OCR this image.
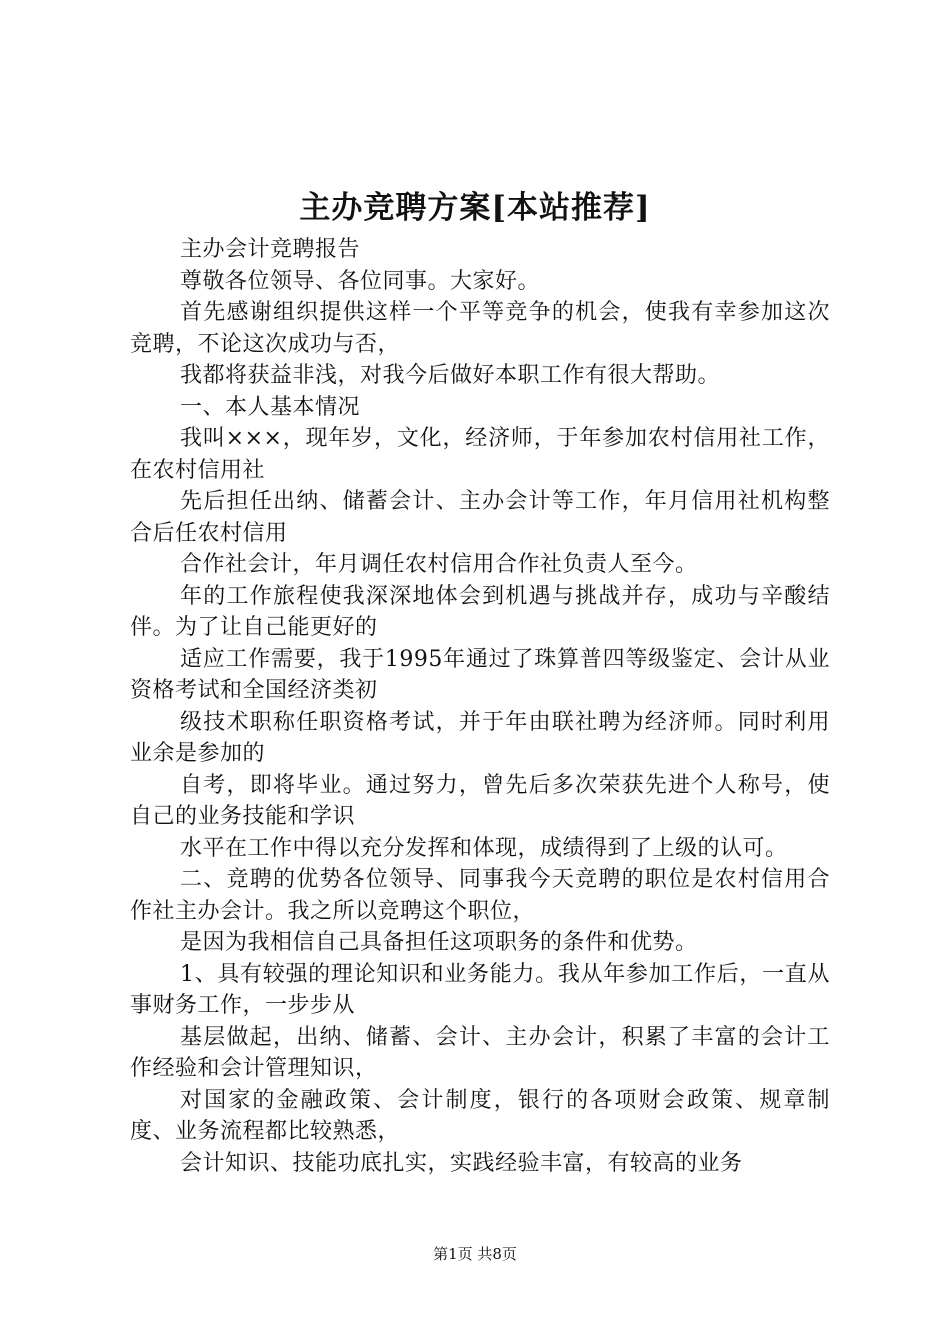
主办竞聘方案[本站推荐]

主办会计竞聘报告

尊敬各位领导、各位同事。大家好。

首先感谢组织提供这样一个平等竞争的机会，使我有幸参加这次竞聘，不论这次成功与否，

我都将获益非浅，对我今后做好本职工作有很大帮助。

一、本人基本情况

我叫×××，现年岁，文化，经济师，于年参加农村信用社工作，在农村信用社

先后担任出纳、储蓄会计、主办会计等工作，年月信用社机构整合后任农村信用

合作社会计，年月调任农村信用合作社负责人至今。

年的工作旅程使我深深地体会到机遇与挑战并存，成功与辛酸结伴。为了让自己能更好的

适应工作需要，我于1995年通过了珠算普四等级鉴定、会计从业资格考试和全国经济类初

级技术职称任职资格考试，并于年由联社聘为经济师。同时利用业余是参加的

自考，即将毕业。通过努力，曾先后多次荣获先进个人称号，使自己的业务技能和学识

水平在工作中得以充分发挥和体现，成绩得到了上级的认可。

二、竞聘的优势各位领导、同事我今天竞聘的职位是农村信用合作社主办会计。我之所以竞聘这个职位，

是因为我相信自己具备担任这项职务的条件和优势。

1、具有较强的理论知识和业务能力。我从年参加工作后，一直从事财务工作，一步步从

基层做起，出纳、储蓄、会计、主办会计，积累了丰富的会计工作经验和会计管理知识，

对国家的金融政策、会计制度，银行的各项财会政策、规章制度、业务流程都比较熟悉，

会计知识、技能功底扎实，实践经验丰富，有较高的业务

第1页 共8页
